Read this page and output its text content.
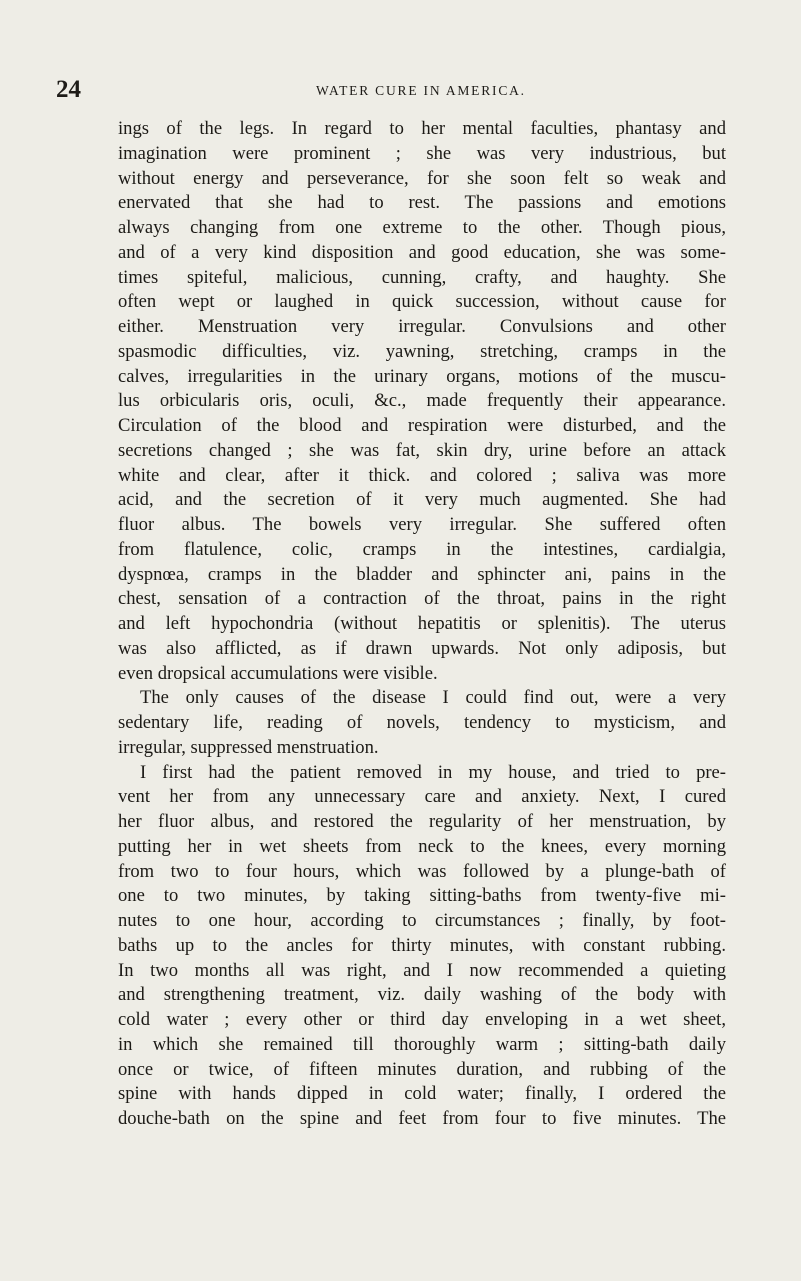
24	WATER CURE IN AMERICA.
ings of the legs. In regard to her mental faculties, phantasy and
imagination were prominent ; she was very industrious, but
without energy and perseverance, for she soon felt so weak and
enervated that she had to rest. The passions and emotions
always changing from one extreme to the other. Though pious,
and of a very kind disposition and good education, she was some-
times spiteful, malicious, cunning, crafty, and haughty. She
often wept or laughed in quick succession, without cause for
either. Menstruation very irregular. Convulsions and other
spasmodic difficulties, viz. yawning, stretching, cramps in the
calves, irregularities in the urinary organs, motions of the muscu-
lus orbicularis oris, oculi, &c., made frequently their appearance.
Circulation of the blood and respiration were disturbed, and the
secretions changed ; she was fat, skin dry, urine before an attack
white and clear, after it thick. and colored ; saliva was more
acid, and the secretion of it very much augmented. She had
fluor albus. The bowels very irregular. She suffered often
from flatulence, colic, cramps in the intestines, cardialgia,
dyspnœa, cramps in the bladder and sphincter ani, pains in the
chest, sensation of a contraction of the throat, pains in the right
and left hypochondria (without hepatitis or splenitis). The uterus
was also afflicted, as if drawn upwards. Not only adiposis, but
even dropsical accumulations were visible.
The only causes of the disease I could find out, were a very
sedentary life, reading of novels, tendency to mysticism, and
irregular, suppressed menstruation.
I first had the patient removed in my house, and tried to pre-
vent her from any unnecessary care and anxiety. Next, I cured
her fluor albus, and restored the regularity of her menstruation, by
putting her in wet sheets from neck to the knees, every morning
from two to four hours, which was followed by a plunge-bath of
one to two minutes, by taking sitting-baths from twenty-five mi-
nutes to one hour, according to circumstances ; finally, by foot-
baths up to the ancles for thirty minutes, with constant rubbing.
In two months all was right, and I now recommended a quieting
and strengthening treatment, viz. daily washing of the body with
cold water ; every other or third day enveloping in a wet sheet,
in which she remained till thoroughly warm ; sitting-bath daily
once or twice, of fifteen minutes duration, and rubbing of the
spine with hands dipped in cold water; finally, I ordered the
douche-bath on the spine and feet from four to five minutes. The
